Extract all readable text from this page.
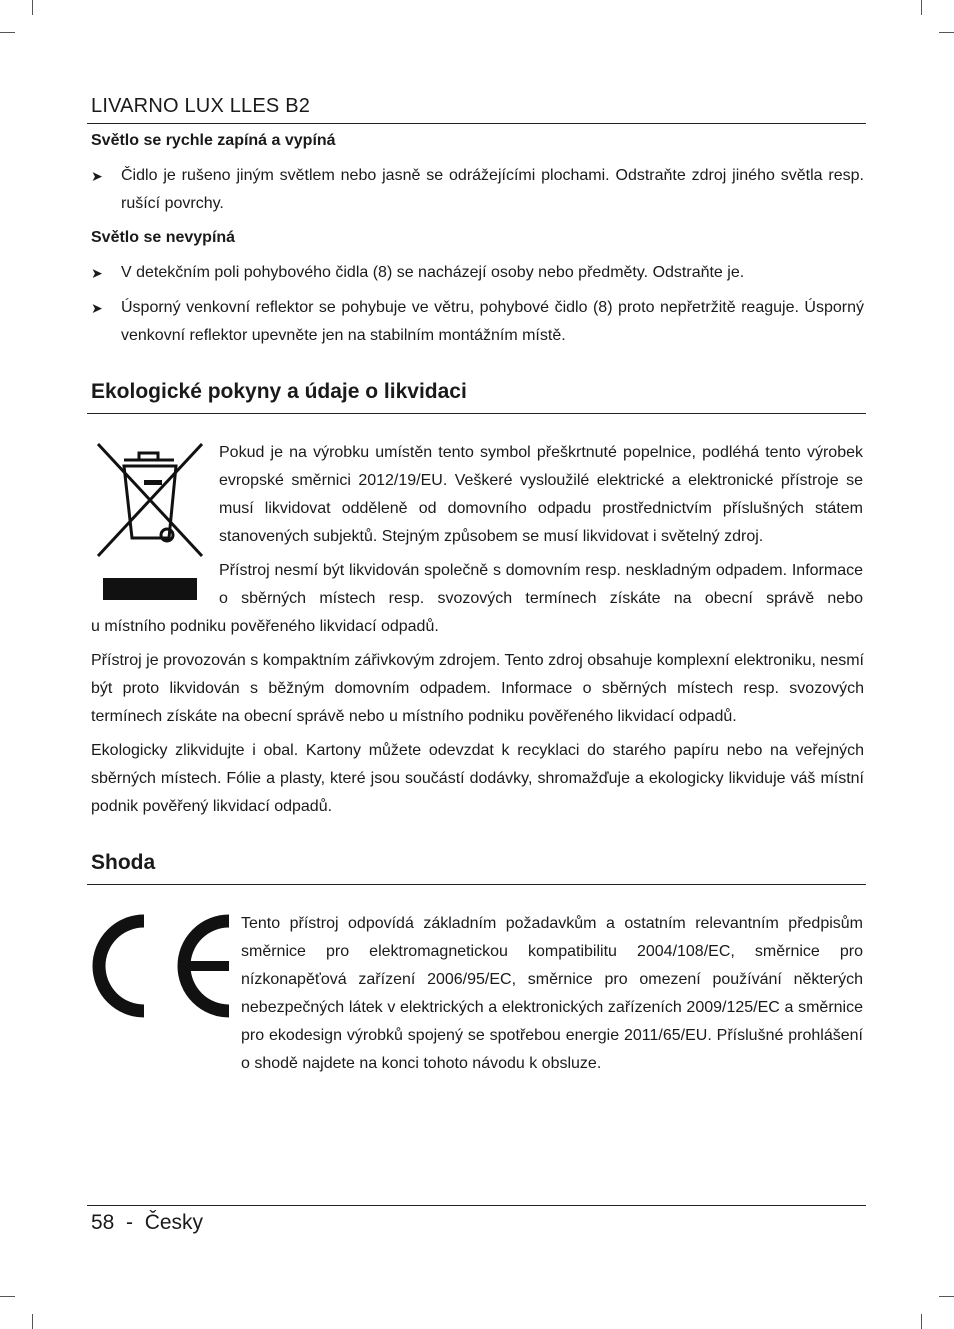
LIVARNO LUX LLES B2
Světlo se rychle zapíná a vypíná
➤ Čidlo je rušeno jiným světlem nebo jasně se odrážejícími plochami. Odstraňte zdroj jiného světla resp. rušící povrchy.
Světlo se nevypíná
➤ V detekčním poli pohybového čidla (8) se nacházejí osoby nebo předměty. Odstraňte je.
➤ Úsporný venkovní reflektor se pohybuje ve větru, pohybové čidlo (8) proto nepřetržitě reaguje. Úsporný venkovní reflektor upevněte jen na stabilním montážním místě.
Ekologické pokyny a údaje o likvidaci
Pokud je na výrobku umístěn tento symbol přeškrtnuté popelnice, podléhá tento výrobek evropské směrnici 2012/19/EU. Veškeré vysloužilé elektrické a elektronické přístroje se musí likvidovat odděleně od domovního odpadu prostřednictvím příslušných státem stanovených subjektů. Stejným způsobem se musí likvidovat i světelný zdroj.
Přístroj nesmí být likvidován společně s domovním resp. neskladným odpadem. Informace o sběrných místech resp. svozových termínech získáte na obecní správě nebo
u místního podniku pověřeného likvidací odpadů.
Přístroj je provozován s kompaktním zářivkovým zdrojem. Tento zdroj obsahuje komplexní elektroniku, nesmí být proto likvidován s běžným domovním odpadem. Informace o sběrných místech resp. svozových termínech získáte na obecní správě nebo u místního podniku pověřeného likvidací odpadů.
Ekologicky zlikvidujte i obal. Kartony můžete odevzdat k recyklaci do starého papíru nebo na veřejných sběrných místech. Fólie a plasty, které jsou součástí dodávky, shromažďuje a ekologicky likviduje váš místní podnik pověřený likvidací odpadů.
Shoda
Tento přístroj odpovídá základním požadavkům a ostatním relevantním předpisům směrnice pro elektromagnetickou kompatibilitu 2004/108/EC, směrnice pro nízkonapěťová zařízení 2006/95/EC, směrnice pro omezení používání některých nebezpečných látek v elektrických a elektronických zařízeních 2009/125/EC a směrnice pro ekodesign výrobků spojený se spotřebou energie 2011/65/EU. Příslušné prohlášení o shodě najdete na konci tohoto návodu k obsluze.
58  -  Česky
